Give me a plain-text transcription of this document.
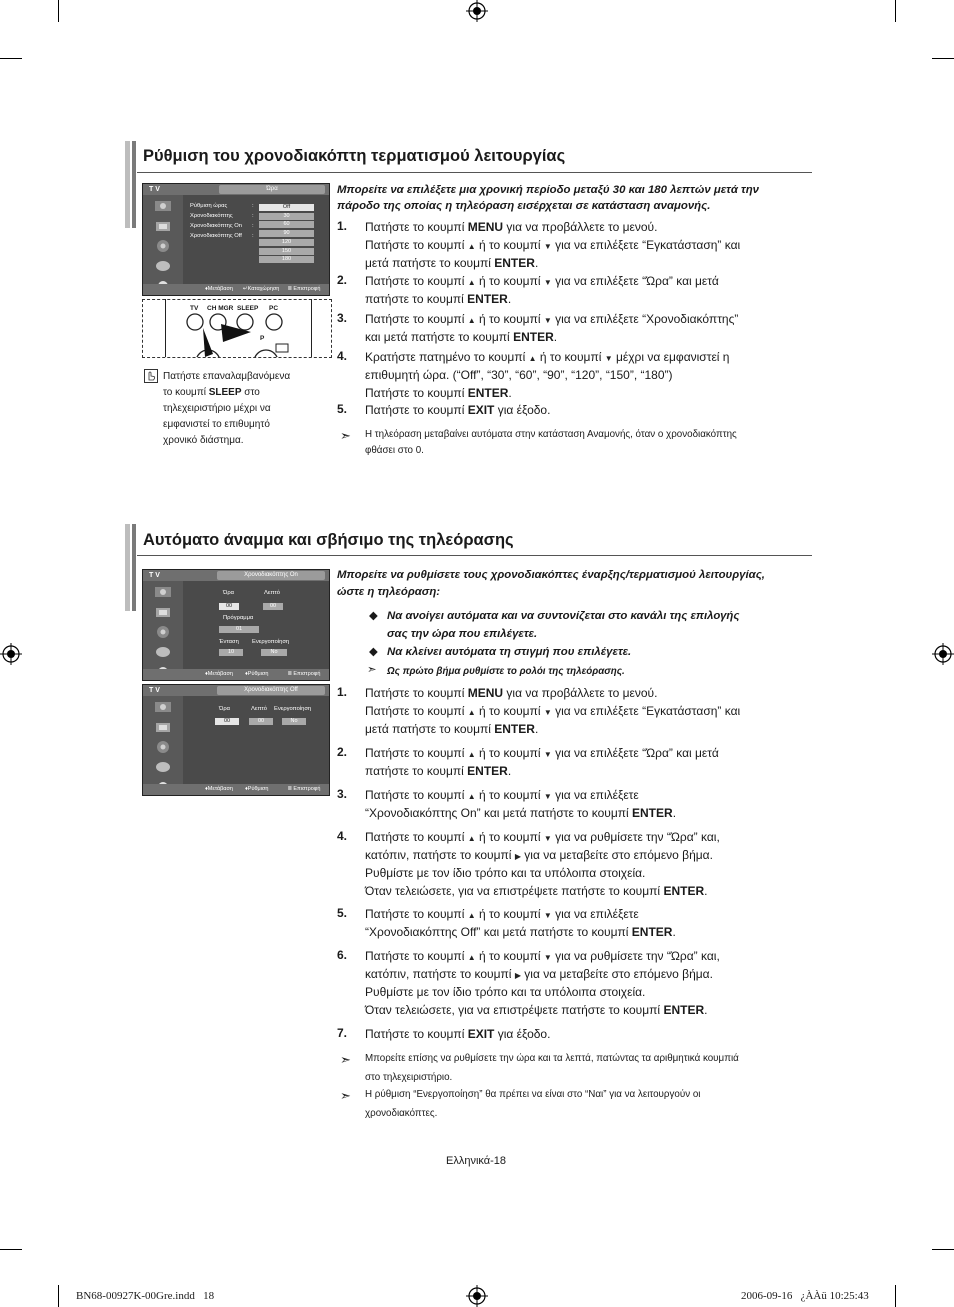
Ρύθμιση του χρονοδιακόπτη τερματισμού λειτουργίας
Μπορείτε να επιλέξετε μια χρονική περίοδο μεταξύ 30 και 180 λεπτών μετά την
πάροδο της οποίας η τηλεόραση εισέρχεται σε κατάσταση αναμονής.
1. Πατήστε το κουμπί MENU για να προβάλλετε το μενού.
Πατήστε το κουμπί ▲ ή το κουμπί ▼ για να επιλέξετε “Εγκατάσταση” και
μετά πατήστε το κουμπί ENTER.
2. Πατήστε το κουμπί ▲ ή το κουμπί ▼ για να επιλέξετε “Ώρα” και μετά
πατήστε το κουμπί ENTER.
3. Πατήστε το κουμπί ▲ ή το κουμπί ▼ για να επιλέξετε “Χρονοδιακόπτης”
και μετά πατήστε το κουμπί ENTER.
4. Κρατήστε πατημένο το κουμπί ▲ ή το κουμπί ▼ μέχρι να εμφανιστεί η
επιθυμητή ώρα. (“Off”, “30”, “60”, “90”, “120”, “150”, “180”)
Πατήστε το κουμπί ENTER.
5. Πατήστε το κουμπί EXIT για έξοδο.
➣ Η τηλεόραση μεταβαίνει αυτόματα στην κατάσταση Αναμονής, όταν ο χρονοδιακόπτης
φθάσει στο 0.
T V	Ώρα
Ρύθμιση ώρας
Χρονοδιακόπτης
Χρονοδιακόπτης On
Χρονοδιακόπτης Off
:
:
:
:
♦Μετάβαση ↵Καταχώρηση Ⅲ Επιστροφή
Off
30
60
90
120
150
180
TV CH MGR SLEEP PC
P
Πατήστε επαναλαμβανόμενα
το κουμπί SLEEP στο
τηλεχειριστήριο μέχρι να
εμφανιστεί το επιθυμητό
χρονικό διάστημα.
Αυτόματο άναμμα και σβήσιμο της τηλεόρασης
Μπορείτε να ρυθμίσετε τους χρονοδιακόπτες έναρξης/τερματισμού λειτουργίας,
ώστε η τηλεόραση:
◆ Να ανοίγει αυτόματα και να συντονίζεται στο κανάλι της επιλογής
σας την ώρα που επιλέγετε.
◆ Να κλείνει αυτόματα τη στιγμή που επιλέγετε.
➣ Ως πρώτο βήμα ρυθμίστε το ρολόι της τηλεόρασης.
1. Πατήστε το κουμπί MENU για να προβάλλετε το μενού.
Πατήστε το κουμπί ▲ ή το κουμπί ▼ για να επιλέξετε “Εγκατάσταση” και
μετά πατήστε το κουμπί ENTER.
2. Πατήστε το κουμπί ▲ ή το κουμπί ▼ για να επιλέξετε “Ώρα” και μετά
πατήστε το κουμπί ENTER.
3. Πατήστε το κουμπί ▲ ή το κουμπί ▼ για να επιλέξετε
“Χρονοδιακόπτης On” και μετά πατήστε το κουμπί ENTER.
4. Πατήστε το κουμπί ▲ ή το κουμπί ▼ για να ρυθμίσετε την “Ώρα” και,
κατόπιν, πατήστε το κουμπί ▶ για να μεταβείτε στο επόμενο βήμα.
Ρυθμίστε με τον ίδιο τρόπο και τα υπόλοιπα στοιχεία.
Όταν τελειώσετε, για να επιστρέψετε πατήστε το κουμπί ENTER.
5. Πατήστε το κουμπί ▲ ή το κουμπί ▼ για να επιλέξετε
“Χρονοδιακόπτης Off” και μετά πατήστε το κουμπί ENTER.
6. Πατήστε το κουμπί ▲ ή το κουμπί ▼ για να ρυθμίσετε την “Ώρα” και,
κατόπιν, πατήστε το κουμπί ▶ για να μεταβείτε στο επόμενο βήμα.
Ρυθμίστε με τον ίδιο τρόπο και τα υπόλοιπα στοιχεία.
Όταν τελειώσετε, για να επιστρέψετε πατήστε το κουμπί ENTER.
7. Πατήστε το κουμπί EXIT για έξοδο.
➣ Μπορείτε επίσης να ρυθμίσετε την ώρα και τα λεπτά, πατώντας τα αριθμητικά κουμπιά
στο τηλεχειριστήριο.
➣ Η ρύθμιση “Ενεργοποίηση” θα πρέπει να είναι στο “Ναι” για να λειτουργούν οι
χρονοδιακόπτες.
T V	Χρονοδιακόπτης On
Ώρα	Λεπτό
00	00
Πρόγραμμα
01
Ένταση Ενεργοποίηση
10	No
♦Μετάβαση ♦Ρύθμιση	Ⅲ Επιστροφή
T V	Χρονοδιακόπτης Off
Ώρα	Λεπτό Ενεργοποίηση
00	00	No
♦Μετάβαση ♦Ρύθμιση	Ⅲ Επιστροφή
Ελληνικά-18
BN68-00927K-00Gre.indd   18	2006-09-16   ¿ÀÀü 10:25:43
